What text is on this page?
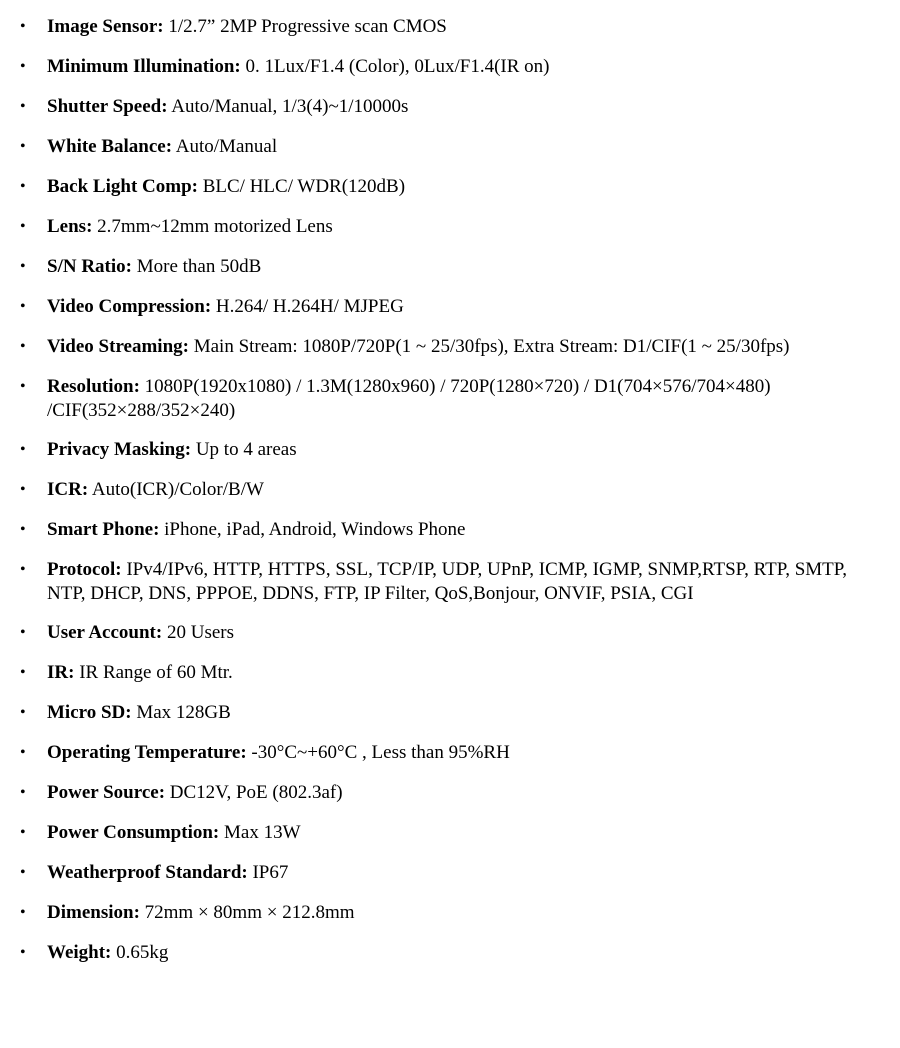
• Image Sensor: 1/2.7” 2MP Progressive scan CMOS
• Minimum Illumination: 0. 1Lux/F1.4 (Color), 0Lux/F1.4(IR on)
• Shutter Speed: Auto/Manual, 1/3(4)~1/10000s
• White Balance: Auto/Manual
• Back Light Comp: BLC/ HLC/ WDR(120dB)
• Lens: 2.7mm~12mm motorized Lens
• S/N Ratio: More than 50dB
• Video Compression: H.264/ H.264H/ MJPEG
• Video Streaming: Main Stream: 1080P/720P(1 ~ 25/30fps), Extra Stream: D1/CIF(1 ~ 25/30fps)
• Resolution: 1080P(1920x1080) / 1.3M(1280x960) / 720P(1280×720) / D1(704×576/704×480) /CIF(352×288/352×240)
• Privacy Masking: Up to 4 areas
• ICR: Auto(ICR)/Color/B/W
• Smart Phone: iPhone, iPad, Android, Windows Phone
• Protocol: IPv4/IPv6, HTTP, HTTPS, SSL, TCP/IP, UDP, UPnP, ICMP, IGMP, SNMP,RTSP, RTP, SMTP, NTP, DHCP, DNS, PPPOE, DDNS, FTP, IP Filter, QoS,Bonjour, ONVIF, PSIA, CGI
• User Account: 20 Users
• IR: IR Range of 60 Mtr.
• Micro SD: Max 128GB
• Operating Temperature: -30°C~+60°C , Less than 95%RH
• Power Source: DC12V, PoE (802.3af)
• Power Consumption: Max 13W
• Weatherproof Standard: IP67
• Dimension: 72mm × 80mm × 212.8mm
• Weight: 0.65kg
